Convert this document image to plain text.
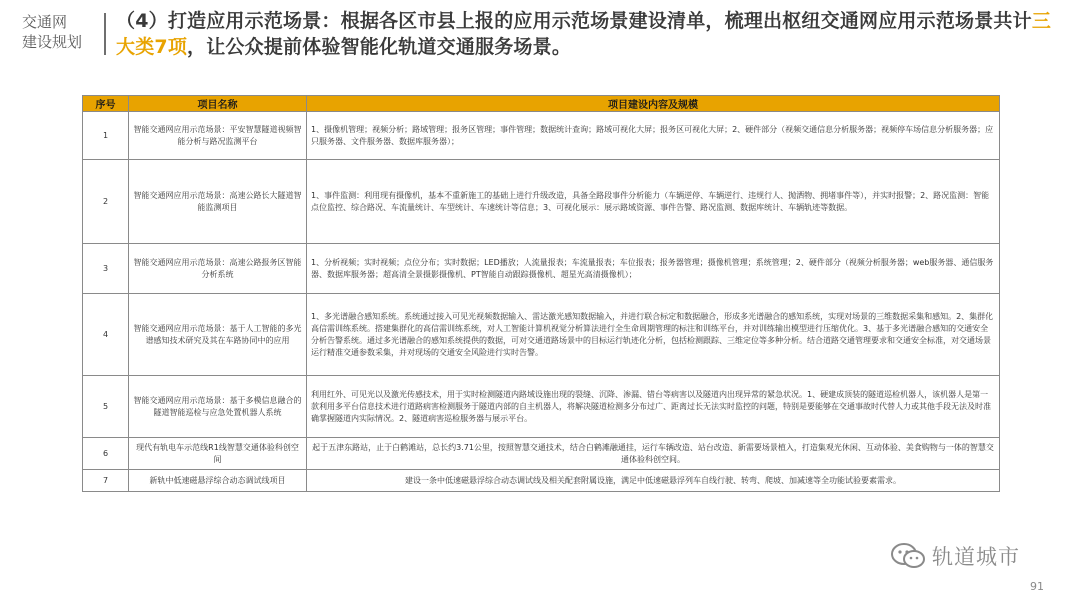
交通网
建设规划
（4）打造应用示范场景：根据各区市县上报的应用示范场景建设清单，梳理出枢纽交通网应用示范场景共计三大类7项，让公众提前体验智能化轨道交通服务场景。
序号	项目名称	项目建设内容及规模
1	智能交通网应用示范场景：平安智慧隧道视频智能分析与路况监测平台	1、摄像机管理；视频分析；路域管理；报务区管理；事件管理；数据统计查询；路域可视化大屏；报务区可视化大屏；2、硬件部分（视频交通信息分析服务器；视频停车场信息分析服务器；应只服务器、文件服务器、数据库服务器）；
2	智能交通网应用示范场景：高速公路长大隧道智能监测项目	1、事件监测：利用现有摄像机，基本不重新施工的基础上进行升级改造，具备全路段事件分析能力（车辆逆停、车辆逆行、违规行人、抛洒物、拥堵事件等），并实时报警；2、路况监测：智能点位监控、综合路况、车流量统计、车型统计、车速统计等信息；3、可视化展示：展示路域资源、事件告警、路况监测、数据库统计、车辆轨迹等数据。
3	智能交通网应用示范场景：高速公路报务区智能分析系统	1、分析视频；实时视频；点位分布；实时数据；LED播放；人流量报表；车流量报表；车位报表；报务器管理；摄像机管理；系统管理；2、硬件部分（视频分析服务器；web服务器、通信服务器、数据库服务器；超高清全景摄影摄像机、PT智能自动跟踪摄像机、超星光高清摄像机）；
4	智能交通网应用示范场景：基于人工智能的多光谱感知技术研究及其在车路协同中的应用	1、多光谱融合感知系统。系统通过接入可见光视频数据输入、雷达激光感知数据输入，并进行联合标定和数据融合，形成多光谱融合的感知系统，实现对场景的三维数据采集和感知。2、集群化高信需训练系统。搭建集群化的高信需训练系统，对人工智能计算机视觉分析算法进行全生命周期管理的标注和训练平台，并对训练输出模型进行压缩优化。3、基于多光谱融合感知的交通安全分析告警系统。通过多光谱融合的感知系统提供的数据，可对交通道路场景中的目标运行轨迹化分析，包括检测跟踪、三维定位等多种分析。结合道路交通管理要求和交通安全标准，对交通场景运行精准交通参数采集，并对现场的交通安全风险进行实时告警。
5	智能交通网应用示范场景：基于多模信息融合的隧道智能巡检与应急处置机器人系统	利用红外、可见光以及激光传感技术，用于实时检测隧道内路域设施出现的裂缝、沉降、渗漏、错台等病害以及隧道内出现异常的紧急状况。1、硬建成顶装的隧道巡检机器人，该机器人是第一款利用多平台信息技术进行道路病害检测服务于隧道内部的自主机器人，将解决隧道检测多分布过广、距离过长无法实时监控的问题，特别是要能够在交通事故时代替人力或其他手段无法及时准确掌握隧道内实际情况。2、隧道病害巡检服务器与展示平台。
6	现代有轨电车示范线R1线智慧交通体验科创空间	起于五津东路站，止于白鹤滩站，总长约3.71公里，按照智慧交通技术，结合白鹤滩融通挂，运行车辆改造、站台改造、新需要场景植入，打造集观光休闲、互动体验、美食购物与一体的智慧交通体验科创空间。
7	新轨中低速磁悬浮综合动态调试线项目	建设一条中低速磁悬浮综合动态调试线及相关配套附属设施，满足中低速磁悬浮列车自线行驶、转弯、爬坡、加减速等全功能试验要素需求。
轨道城市
91
